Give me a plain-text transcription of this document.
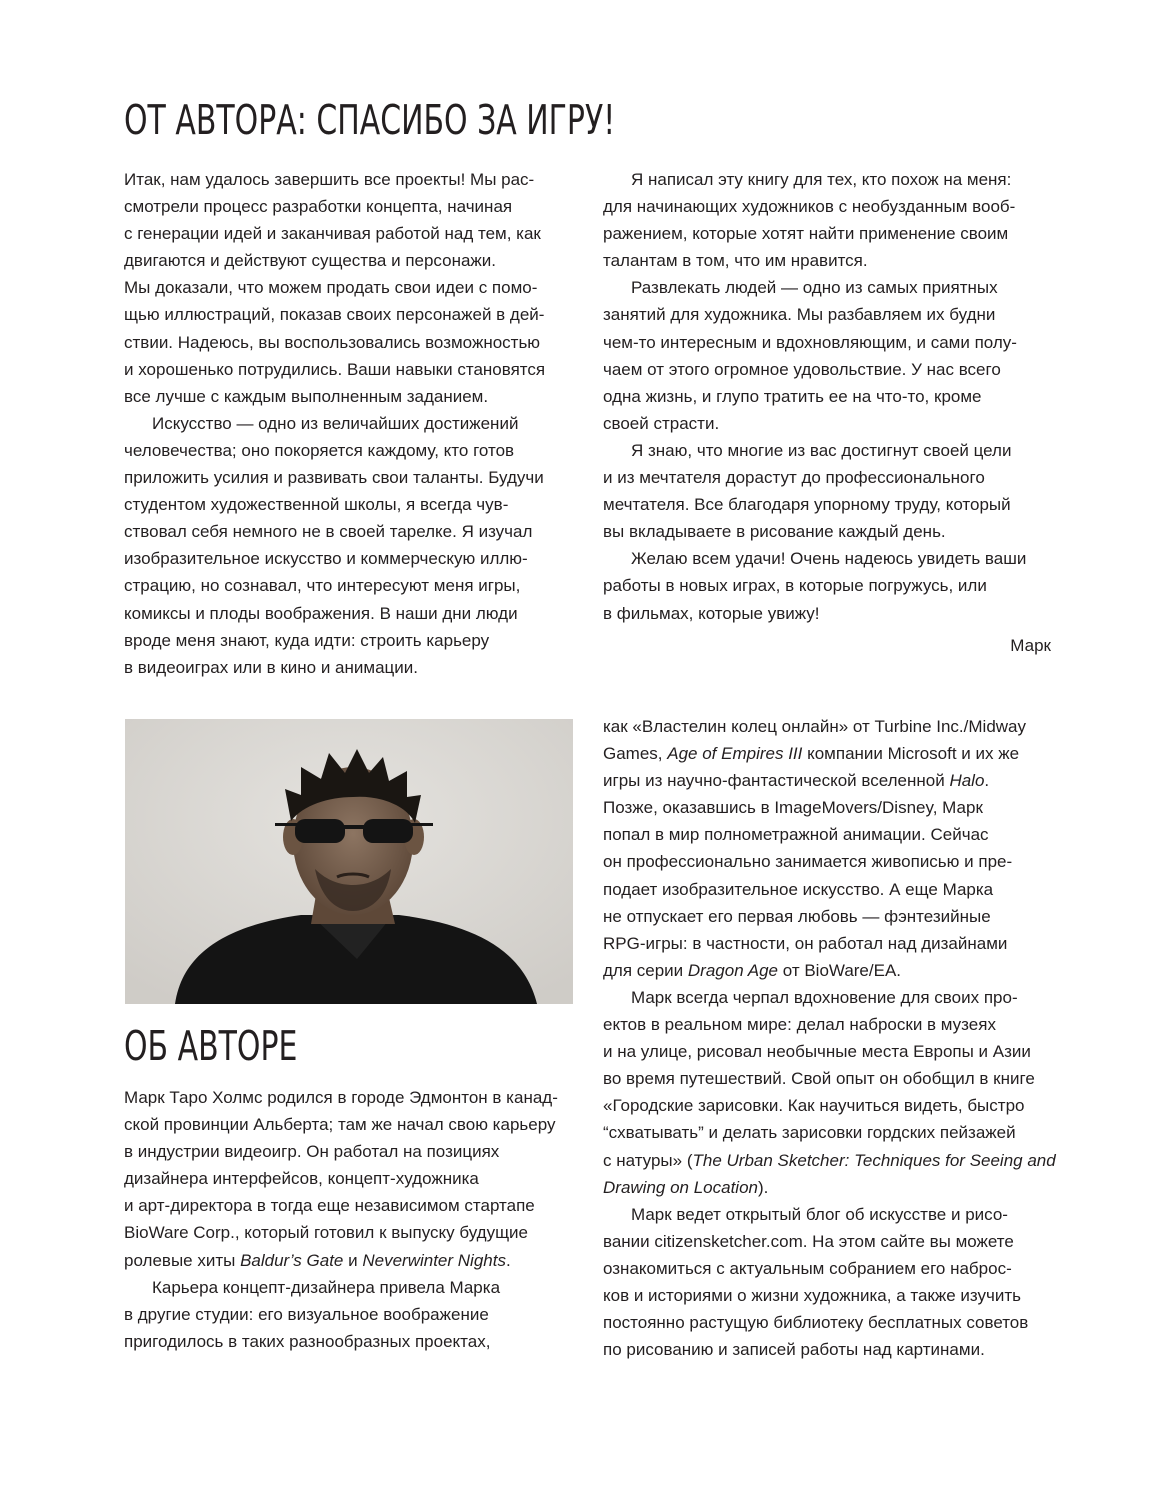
ОТ АВТОРА: СПАСИБО ЗА ИГРУ!

Итак, нам удалось завершить все проекты! Мы рас-
смотрели процесс разработки концепта, начиная
с генерации идей и заканчивая работой над тем, как
двигаются и действуют существа и персонажи.
Мы доказали, что можем продать свои идеи с помо-
щью иллюстраций, показав своих персонажей в дей-
ствии. Надеюсь, вы воспользовались возможностью
и хорошенько потрудились. Ваши навыки становятся
все лучше с каждым выполненным заданием.

Искусство — одно из величайших достижений
человечества; оно покоряется каждому, кто готов
приложить усилия и развивать свои таланты. Будучи
студентом художественной школы, я всегда чув-
ствовал себя немного не в своей тарелке. Я изучал
изобразительное искусство и коммерческую иллю-
страцию, но сознавал, что интересуют меня игры,
комиксы и плоды воображения. В наши дни люди
вроде меня знают, куда идти: строить карьеру
в видеоиграх или в кино и анимации.

Я написал эту книгу для тех, кто похож на меня:
для начинающих художников с необузданным вооб-
ражением, которые хотят найти применение своим
талантам в том, что им нравится.

Развлекать людей — одно из самых приятных
занятий для художника. Мы разбавляем их будни
чем-то интересным и вдохновляющим, и сами полу-
чаем от этого огромное удовольствие. У нас всего
одна жизнь, и глупо тратить ее на что-то, кроме
своей страсти.

Я знаю, что многие из вас достигнут своей цели
и из мечтателя дорастут до профессионального
мечтателя. Все благодаря упорному труду, который
вы вкладываете в рисование каждый день.

Желаю всем удачи! Очень надеюсь увидеть ваши
работы в новых играх, в которые погружусь, или
в фильмах, которые увижу!

Марк
ОБ АВТОРЕ

Марк Таро Холмс родился в городе Эдмонтон в канад-
ской провинции Альберта; там же начал свою карьеру
в индустрии видеоигр. Он работал на позициях
дизайнера интерфейсов, концепт-художника
и арт-директора в тогда еще независимом стартапе
BioWare Corp., который готовил к выпуску будущие
ролевые хиты Baldur’s Gate и Neverwinter Nights.

Карьера концепт-дизайнера привела Марка
в другие студии: его визуальное воображение
пригодилось в таких разнообразных проектах,

как «Властелин колец онлайн» от Turbine Inc./Midway
Games, Age of Empires III компании Microsoft и их же
игры из научно-фантастической вселенной Halo.
Позже, оказавшись в ImageMovers/Disney, Марк
попал в мир полнометражной анимации. Сейчас
он профессионально занимается живописью и пре-
подает изобразительное искусство. А еще Марка
не отпускает его первая любовь — фэнтезийные
RPG-игры: в частности, он работал над дизайнами
для серии Dragon Age от BioWare/EA.

Марк всегда черпал вдохновение для своих про-
ектов в реальном мире: делал наброски в музеях
и на улице, рисовал необычные места Европы и Азии
во время путешествий. Свой опыт он обобщил в книге
«Городские зарисовки. Как научиться видеть, быстро
“схватывать” и делать зарисовки гордских пейзажей
с натуры» (The Urban Sketcher: Techniques for Seeing and
Drawing on Location).

Марк ведет открытый блог об искусстве и рисо-
вании citizensketcher.com. На этом сайте вы можете
ознакомиться с актуальным собранием его наброс-
ков и историями о жизни художника, а также изучить
постоянно растущую библиотеку бесплатных советов
по рисованию и записей работы над картинами.
